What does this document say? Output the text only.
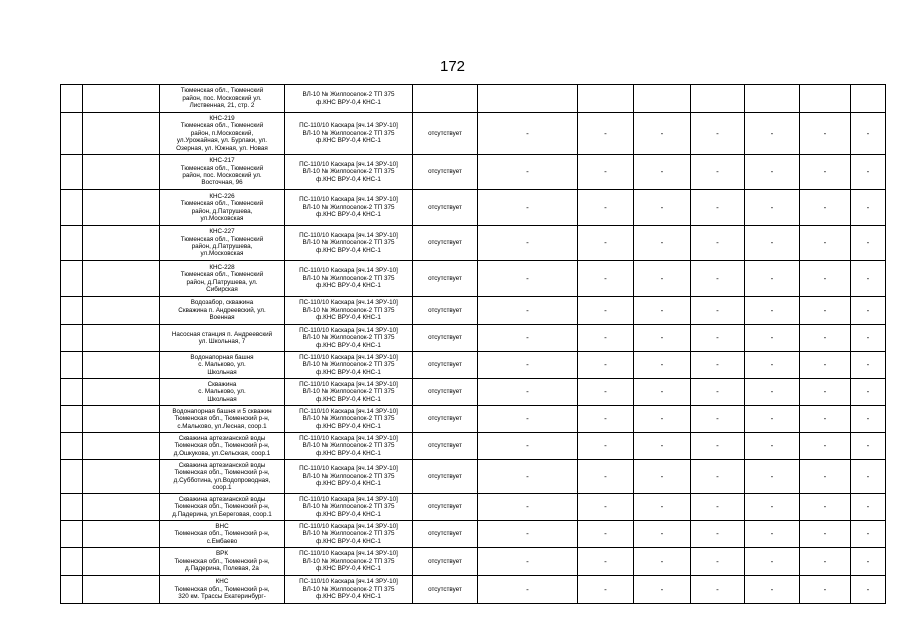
172

		Тюменская обл., Тюменский
район, пос. Московский ул.
Лиственная, 21, стр. 2	ВЛ-10 № Жилпоселок-2 ТП 375
ф.КНС ВРУ-0,4 КНС-1								

		КНС-219
Тюменская обл., Тюменский
район, п.Московский,
ул.Урожайная, ул. Бурлаки, ул.
Озерная, ул. Южная, ул. Новая	ПС-110/10 Каскара [яч.14 ЗРУ-10]
ВЛ-10 № Жилпоселок-2 ТП 375
ф.КНС ВРУ-0,4 КНС-1	отсутствует	-	-	-	-	-	-	-

		КНС-217
Тюменская обл., Тюменский
район, пос. Московский ул.
Восточная, 96	ПС-110/10 Каскара [яч.14 ЗРУ-10]
ВЛ-10 № Жилпоселок-2 ТП 375
ф.КНС ВРУ-0,4 КНС-1	отсутствует	-	-	-	-	-	-	-

		КНС-226
Тюменская обл., Тюменский
район, д.Патрушева,
ул.Московская	ПС-110/10 Каскара [яч.14 ЗРУ-10]
ВЛ-10 № Жилпоселок-2 ТП 375
ф.КНС ВРУ-0,4 КНС-1	отсутствует	-	-	-	-	-	-	-

		КНС-227
Тюменская обл., Тюменский
район, д.Патрушева,
ул.Московская	ПС-110/10 Каскара [яч.14 ЗРУ-10]
ВЛ-10 № Жилпоселок-2 ТП 375
ф.КНС ВРУ-0,4 КНС-1	отсутствует	-	-	-	-	-	-	-

		КНС-228
Тюменская обл., Тюменский
район, д.Патрушева, ул.
Сибирская	ПС-110/10 Каскара [яч.14 ЗРУ-10]
ВЛ-10 № Жилпоселок-2 ТП 375
ф.КНС ВРУ-0,4 КНС-1	отсутствует	-	-	-	-	-	-	-

		Водозабор, скважина
Скважина п. Андреевский, ул.
Военная	ПС-110/10 Каскара [яч.14 ЗРУ-10]
ВЛ-10 № Жилпоселок-2 ТП 375
ф.КНС ВРУ-0,4 КНС-1	отсутствует	-	-	-	-	-	-	-

		Насосная станция п. Андреевский
ул. Школьная, 7	ПС-110/10 Каскара [яч.14 ЗРУ-10]
ВЛ-10 № Жилпоселок-2 ТП 375
ф.КНС ВРУ-0,4 КНС-1	отсутствует	-	-	-	-	-	-	-

		Водонапорная башня
с. Мальково, ул.
Школьная	ПС-110/10 Каскара [яч.14 ЗРУ-10]
ВЛ-10 № Жилпоселок-2 ТП 375
ф.КНС ВРУ-0,4 КНС-1	отсутствует	-	-	-	-	-	-	-

		Скважина
с. Мальково, ул.
Школьная	ПС-110/10 Каскара [яч.14 ЗРУ-10]
ВЛ-10 № Жилпоселок-2 ТП 375
ф.КНС ВРУ-0,4 КНС-1	отсутствует	-	-	-	-	-	-	-

		Водонапорная башня и 5 скважин
Тюменская обл., Тюменский р-н,
с.Мальково, ул.Лесная, соор.1	ПС-110/10 Каскара [яч.14 ЗРУ-10]
ВЛ-10 № Жилпоселок-2 ТП 375
ф.КНС ВРУ-0,4 КНС-1	отсутствует	-	-	-	-	-	-	-

		Скважина артезианской воды
Тюменская обл., Тюменский р-н,
д.Ошкукова, ул.Сельская, соор.1	ПС-110/10 Каскара [яч.14 ЗРУ-10]
ВЛ-10 № Жилпоселок-2 ТП 375
ф.КНС ВРУ-0,4 КНС-1	отсутствует	-	-	-	-	-	-	-

		Скважина артезианской воды
Тюменская обл., Тюменский р-н,
д.Субботина, ул.Водопроводная,
соор.1	ПС-110/10 Каскара [яч.14 ЗРУ-10]
ВЛ-10 № Жилпоселок-2 ТП 375
ф.КНС ВРУ-0,4 КНС-1	отсутствует	-	-	-	-	-	-	-

		Скважина артезианской воды
Тюменская обл., Тюменский р-н,
д.Падерина, ул.Береговая, соор.1	ПС-110/10 Каскара [яч.14 ЗРУ-10]
ВЛ-10 № Жилпоселок-2 ТП 375
ф.КНС ВРУ-0,4 КНС-1	отсутствует	-	-	-	-	-	-	-

		ВНС
Тюменская обл., Тюменский р-н,
с.Ембаево	ПС-110/10 Каскара [яч.14 ЗРУ-10]
ВЛ-10 № Жилпоселок-2 ТП 375
ф.КНС ВРУ-0,4 КНС-1	отсутствует	-	-	-	-	-	-	-

		ВРК
Тюменская обл., Тюменский р-н,
д.Падерина, Полевая, 2а	ПС-110/10 Каскара [яч.14 ЗРУ-10]
ВЛ-10 № Жилпоселок-2 ТП 375
ф.КНС ВРУ-0,4 КНС-1	отсутствует	-	-	-	-	-	-	-

		КНС
Тюменская обл., Тюменский р-н,
320 км. Трассы Екатеринбург-	ПС-110/10 Каскара [яч.14 ЗРУ-10]
ВЛ-10 № Жилпоселок-2 ТП 375
ф.КНС ВРУ-0,4 КНС-1	отсутствует	-	-	-	-	-	-	-
